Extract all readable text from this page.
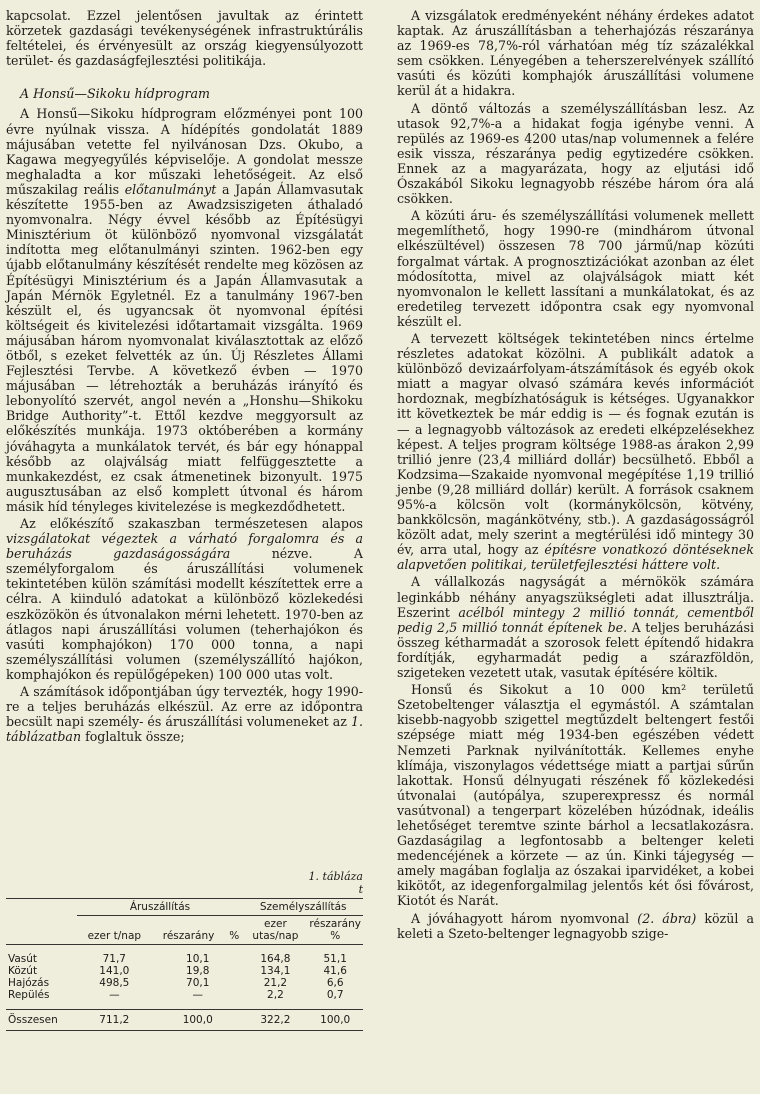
kapcsolat. Ezzel jelentősen javultak az érintett körzetek gazdasági tevékenységének infrastruktúrális feltételei, és érvényesült az ország kiegyensúlyozott terület- és gazdaságfejlesztési politikája.

A Honsű—Sikoku hídprogram

A Honsű—Sikoku hídprogram előzményei pont 100 évre nyúlnak vissza. A hídépítés gondolatát 1889 májusában vetette fel nyilvánosan Dzs. Okubo, a Kagawa megyegyűlés képviselője. A gondolat messze meghaladta a kor műszaki lehetőségeit. Az első műszakilag reális előtanulmányt a Japán Államvasutak készítette 1955-ben az Awadzsiszigeten áthaladó nyomvonalra. Négy évvel később az Építésügyi Minisztérium öt különböző nyomvonal vizsgálatát indította meg előtanulmányi szinten. 1962-ben egy újabb előtanulmány készítését rendelte meg közösen az Építésügyi Minisztérium és a Japán Államvasutak a Japán Mérnök Egyletnél. Ez a tanulmány 1967-ben készült el, és ugyancsak öt nyomvonal építési költségeit és kivitelezési időtartamait vizsgálta. 1969 májusában három nyomvonalat kiválasztottak az előző ötből, s ezeket felvették az ún. Új Részletes Állami Fejlesztési Tervbe. A következő évben — 1970 májusában — létrehozták a beruházás irányító és lebonyolító szervét, angol nevén a „Honshu—Shikoku Bridge Authority”-t. Ettől kezdve meggyorsult az előkészítés munkája. 1973 októberében a kormány jóváhagyta a munkálatok tervét, és bár egy hónappal később az olajválság miatt felfüggesztette a munkakezdést, ez csak átmenetinek bizonyult. 1975 augusztusában az első komplett útvonal és három másik híd tényleges kivitelezése is megkezdődhetett.

Az előkészítő szakaszban természetesen alapos vizsgálatokat végeztek a várható forgalomra és a beruházás gazdaságosságára nézve. A személyforgalom és áruszállítási volumenek tekintetében külön számítási modellt készítettek erre a célra. A kiinduló adatokat a különböző közlekedési eszközökön és útvonalakon mérni lehetett. 1970-ben az átlagos napi áruszállítási volumen (teherhajókon és vasúti komphajókon) 170 000 tonna, a napi személyszállítási volumen (személyszállító hajókon, komphajókon és repülőgépeken) 100 000 utas volt.

A számítások időpontjában úgy tervezték, hogy 1990-re a teljes beruházás elkészül. Az erre az időpontra becsült napi személy- és áruszállítási volumeneket az 1. táblázatban foglaltuk össze;

1. táblázа
t
	Áruszállítás			Személyszállítás	
	ezer t/nap	részarány	%	ezer utas/nap	részarány %

Vasút	71,7	10,1		164,8	51,1
Közút	141,0	19,8		134,1	41,6
Hajózás	498,5	70,1		21,2	6,6
Repülés	—	—		2,2	0,7

Összesen	711,2	100,0		322,2	100,0

A vizsgálatok eredményeként néhány érdekes adatot kaptak. Az áruszállításban a teherhajózás részaránya az 1969-es 78,7%-ról várhatóan még tíz százalékkal sem csökken. Lényegében a teherszerelvények szállító vasúti és közúti komphajók áruszállítási volumene kerül át a hidakra.

A döntő változás a személyszállításban lesz. Az utasok 92,7%-a a hidakat fogja igénybe venni. A repülés az 1969-es 4200 utas/nap volumennek a felére esik vissza, részaránya pedig egytizedére csökken. Ennek az a magyarázata, hogy az eljutási idő Ószakából Sikoku legnagyobb részébe három óra alá csökken.

A közúti áru- és személyszállítási volumenek mellett megemlíthető, hogy 1990-re (mindhárom útvonal elkészültével) összesen 78 700 jármű/nap közúti forgalmat vártak. A prognosztizációkat azonban az élet módosította, mivel az olajválságok miatt két nyomvonalon le kellett lassítani a munkálatokat, és az eredetileg tervezett időpontra csak egy nyomvonal készült el.

A tervezett költségek tekintetében nincs értelme részletes adatokat közölni. A publikált adatok a különböző devizaárfolyam-átszámítások és egyéb okok miatt a magyar olvasó számára kevés információt hordoznak, megbízhatóságuk is kétséges. Ugyanakkor itt következtek be már eddig is — és fognak ezután is — a legnagyobb változások az eredeti elképzelésekhez képest. A teljes program költsége 1988-as árakon 2,99 trillió jenre (23,4 milliárd dollár) becsülhető. Ebből a Kodzsima—Szakaide nyomvonal megépítése 1,19 trillió jenbe (9,28 milliárd dollár) került. A források csaknem 95%-a kölcsön volt (kormánykölcsön, kötvény, bankkölcsön, magánkötvény, stb.). A gazdaságosságról közölt adat, mely szerint a megtérülési idő mintegy 30 év, arra utal, hogy az építésre vonatkozó döntéseknek alapvetően politikai, területfejlesztési háttere volt.

A vállalkozás nagyságát a mérnökök számára leginkább néhány anyagszükségleti adat illusztrálja. Eszerint acélból mintegy 2 millió tonnát, cementből pedig 2,5 millió tonnát építenek be. A teljes beruházási összeg kétharmadát a szorosok felett építendő hidakra fordítják, egyharmadát pedig a szárazföldön, szigeteken vezetett utak, vasutak építésére költik.

Honsű és Sikokut a 10 000 km² területű Szetobeltenger választja el egymástól. A számtalan kisebb-nagyobb szigettel megtűzdelt beltengert festői szépsége miatt még 1934-ben egészében védett Nemzeti Parknak nyilvánították. Kellemes enyhe klímája, viszonylagos védettsége miatt a partjai sűrűn lakottak. Honsű délnyugati részének fő közlekedési útvonalai (autópálya, szuperexpressz és normál vasútvonal) a tengerpart közelében húzódnak, ideális lehetőséget teremtve szinte bárhol a lecsatlakozásra. Gazdaságilag a legfontosabb a beltenger keleti medencéjének a körzete — az ún. Kinki tájegység — amely magában foglalja az ószakai iparvidéket, a kobei kikötőt, az idegenforgalmilag jelentős két ősi fővárost, Kiotót és Narát.

A jóváhagyott három nyomvonal (2. ábra) közül a keleti a Szeto-beltenger legnagyobb szige-
